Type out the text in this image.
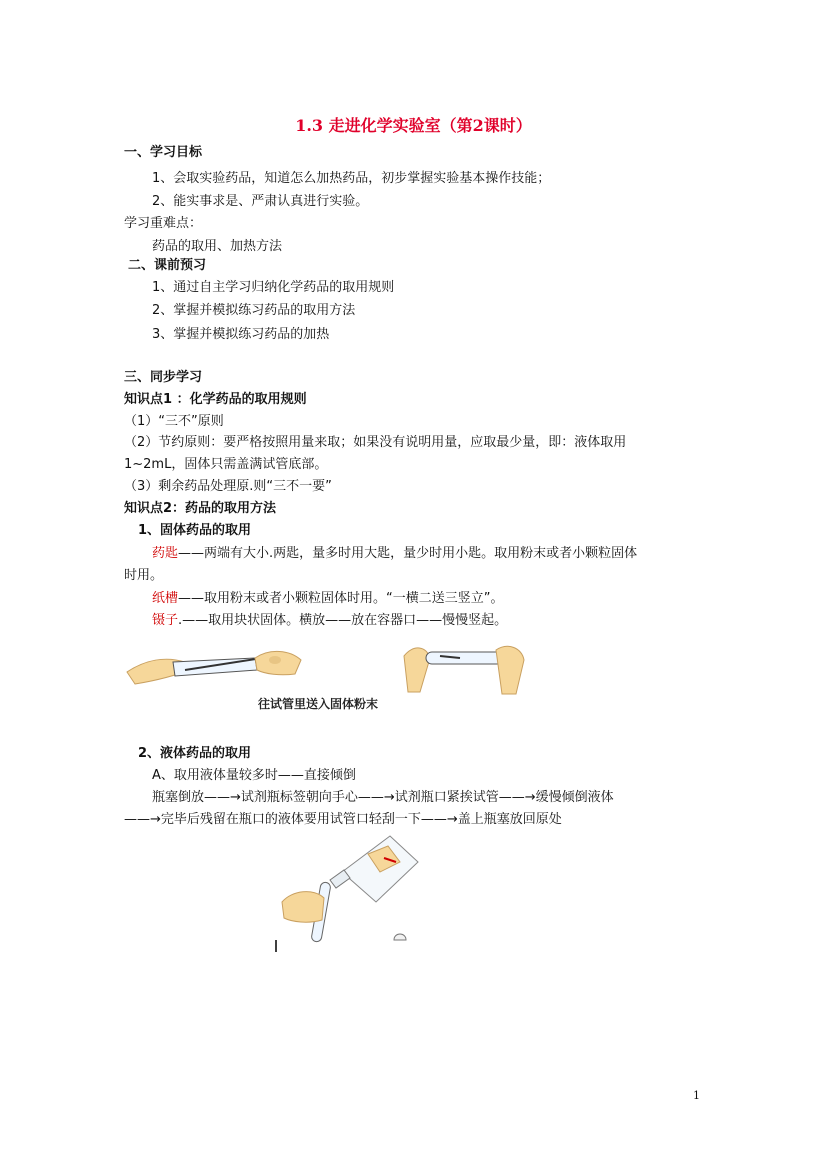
1.3 走进化学实验室（第2课时）
一、学习目标
1、会取实验药品，知道怎么加热药品，初步掌握实验基本操作技能；
2、能实事求是、严肃认真进行实验。
学习重难点：
药品的取用、加热方法
二、课前预习
1、通过自主学习归纳化学药品的取用规则
2、掌握并模拟练习药品的取用方法
3、掌握并模拟练习药品的加热
三、同步学习
知识点1 ：化学药品的取用规则
（1）“三不”原则
（2）节约原则：要严格按照用量来取；如果没有说明用量，应取最少量，即：液体取用
1~2mL，固体只需盖满试管底部。
（3）剩余药品处理原.则“三不一要”
知识点2：药品的取用方法
1、固体药品的取用
药匙——两端有大小.两匙，量多时用大匙，量少时用小匙。取用粉末或者小颗粒固体
时用。
纸槽——取用粉末或者小颗粒固体时用。“一横二送三竖立”。
镊子.——取用块状固体。横放——放在容器口——慢慢竖起。
往试管里送入固体粉末
2、液体药品的取用
A、取用液体量较多时——直接倾倒
瓶塞倒放——→试剂瓶标签朝向手心——→试剂瓶口紧挨试管——→缓慢倾倒液体
——→完毕后残留在瓶口的液体要用试管口轻刮一下——→盖上瓶塞放回原处
1
